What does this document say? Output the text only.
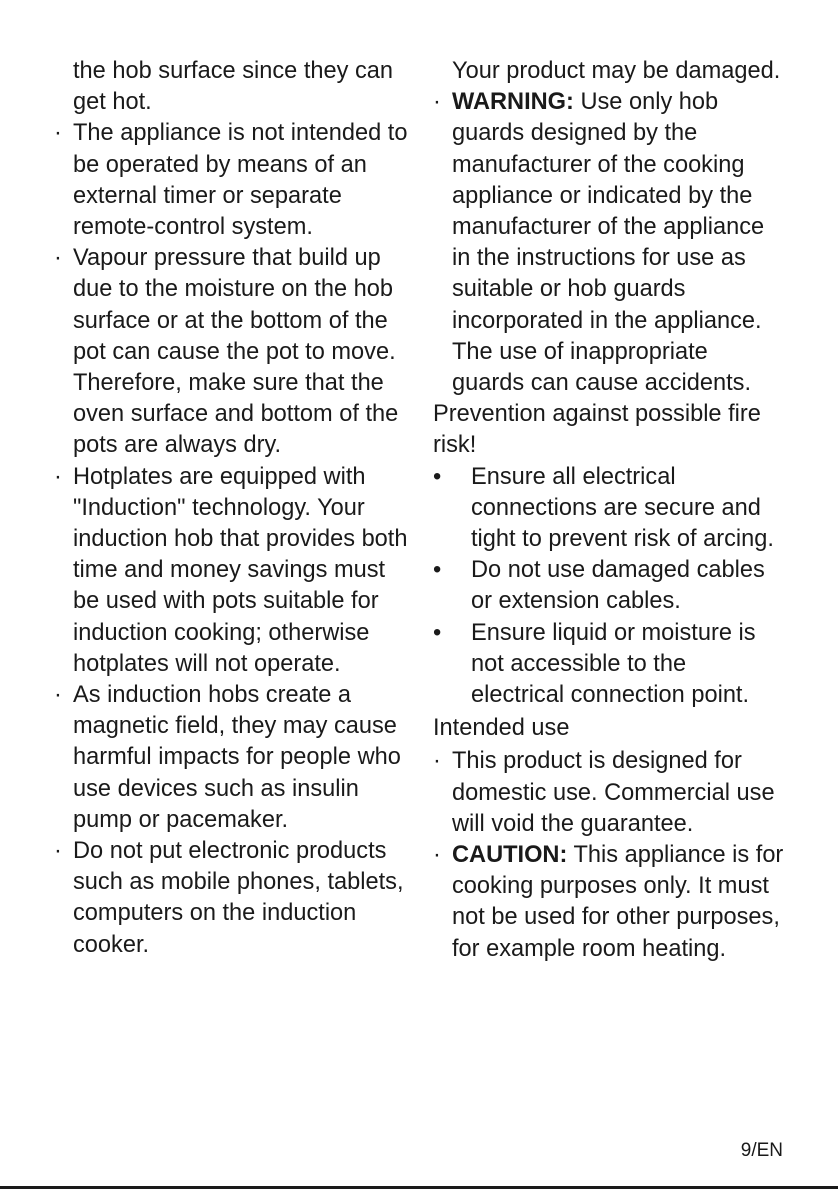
the hob surface since they can get hot.

· The appliance is not intended to be operated by means of an external timer or separate remote-control system.
· Vapour pressure that build up due to the moisture on the hob surface or at the bottom of the pot can cause the pot to move. Therefore, make sure that the oven surface and bottom of the pots are always dry.
· Hotplates are equipped with "Induction" technology. Your induction hob that provides both time and money savings must be used with pots suitable for induction cooking; otherwise hotplates will not operate.
· As induction hobs create a magnetic field, they may cause harmful impacts for people who use devices such as insulin pump or pacemaker.
· Do not put electronic products such as mobile phones, tablets, computers on the induction cooker.

Your product may be damaged.

· WARNING: Use only hob guards designed by the manufacturer of the cooking appliance or indicated by the manufacturer of the appliance in the instructions for use as suitable or hob guards incorporated in the appliance. The use of inappropriate guards can cause accidents.

Prevention against possible fire risk!

•	Ensure all electrical connections are secure and tight to prevent risk of arcing.
•	Do not use damaged cables or extension cables.
•	Ensure liquid or moisture is not accessible to the electrical connection point.

Intended use

· This product is designed for domestic use. Commercial use will void the guarantee.
· CAUTION: This appliance is for cooking purposes only. It must not be used for other purposes, for example room heating.
9/EN
